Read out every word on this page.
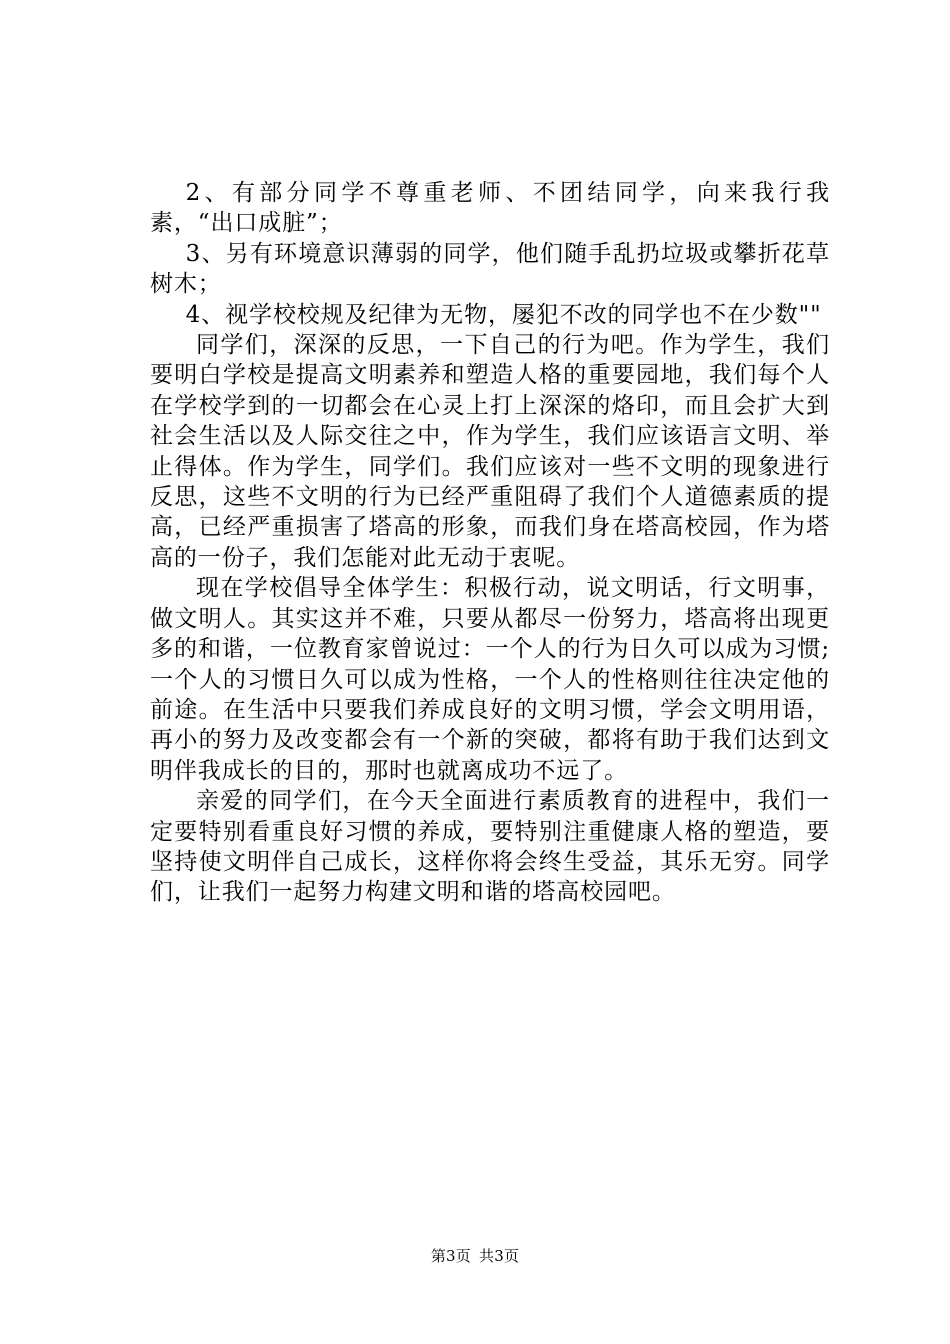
2、有部分同学不尊重老师、不团结同学，向来我行我素，“出口成脏”；

3、另有环境意识薄弱的同学，他们随手乱扔垃圾或攀折花草树木；

4、视学校校规及纪律为无物，屡犯不改的同学也不在少数""

同学们，深深的反思，一下自己的行为吧。作为学生，我们要明白学校是提高文明素养和塑造人格的重要园地，我们每个人在学校学到的一切都会在心灵上打上深深的烙印，而且会扩大到社会生活以及人际交往之中，作为学生，我们应该语言文明、举止得体。作为学生，同学们。我们应该对一些不文明的现象进行反思，这些不文明的行为已经严重阻碍了我们个人道德素质的提高，已经严重损害了塔高的形象，而我们身在塔高校园，作为塔高的一份子，我们怎能对此无动于衷呢。

现在学校倡导全体学生：积极行动，说文明话，行文明事，做文明人。其实这并不难，只要从都尽一份努力，塔高将出现更多的和谐，一位教育家曾说过：一个人的行为日久可以成为习惯;一个人的习惯日久可以成为性格，一个人的性格则往往决定他的前途。在生活中只要我们养成良好的文明习惯，学会文明用语，再小的努力及改变都会有一个新的突破，都将有助于我们达到文明伴我成长的目的，那时也就离成功不远了。

亲爱的同学们，在今天全面进行素质教育的进程中，我们一定要特别看重良好习惯的养成，要特别注重健康人格的塑造，要坚持使文明伴自己成长，这样你将会终生受益，其乐无穷。同学们，让我们一起努力构建文明和谐的塔高校园吧。

第3页 共3页
